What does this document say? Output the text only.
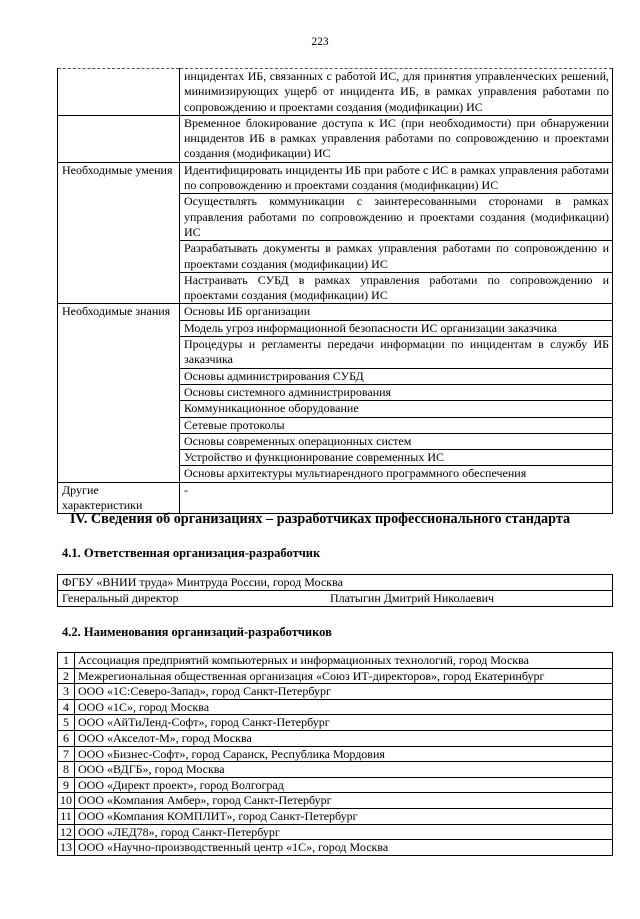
223
	инцидентах ИБ, связанных с работой ИС, для принятия управленческих решений, минимизирующих ущерб от инцидента ИБ, в рамках управления работами по сопровождению и проектами создания (модификации) ИС
	Временное блокирование доступа к ИС (при необходимости) при обнаружении инцидентов ИБ в рамках управления работами по сопровождению и проектами создания (модификации) ИС
Необходимые умения	Идентифицировать инциденты ИБ при работе с ИС в рамках управления работами по сопровождению и проектами создания (модификации) ИС
	Осуществлять коммуникации с заинтересованными сторонами в рамках управления работами по сопровождению и проектами создания (модификации) ИС
	Разрабатывать документы в рамках управления работами по сопровождению и проектами создания (модификации) ИС
	Настраивать СУБД в рамках управления работами по сопровождению и проектами создания (модификации) ИС
Необходимые знания	Основы ИБ организации
	Модель угроз информационной безопасности ИС организации заказчика
	Процедуры и регламенты передачи информации по инцидентам в службу ИБ заказчика
	Основы администрирования СУБД
	Основы системного администрирования
	Коммуникационное оборудование
	Сетевые протоколы
	Основы современных операционных систем
	Устройство и функционирование современных ИС
	Основы архитектуры мультиарендного программного обеспечения
Другие характеристики	-
IV. Сведения об организациях – разработчиках профессионального стандарта
4.1. Ответственная организация-разработчик
ФГБУ «ВНИИ труда» Минтруда России, город Москва
Генеральный директор	Платыгин Дмитрий Николаевич
4.2. Наименования организаций-разработчиков
1	Ассоциация предприятий компьютерных и информационных технологий, город Москва
2	Межрегиональная общественная организация «Союз ИТ-директоров», город Екатеринбург
3	ООО «1С:Северо-Запад», город Санкт-Петербург
4	ООО «1С», город Москва
5	ООО «АйТиЛенд-Софт», город Санкт-Петербург
6	ООО «Акселот-М», город Москва
7	ООО «Бизнес-Софт», город Саранск, Республика Мордовия
8	ООО «ВДГБ», город Москва
9	ООО «Директ проект», город Волгоград
10	ООО «Компания Амбер», город Санкт-Петербург
11	ООО «Компания КОМПЛИТ», город Санкт-Петербург
12	ООО «ЛЕД78», город Санкт-Петербург
13	ООО «Научно-производственный центр «1С», город Москва
